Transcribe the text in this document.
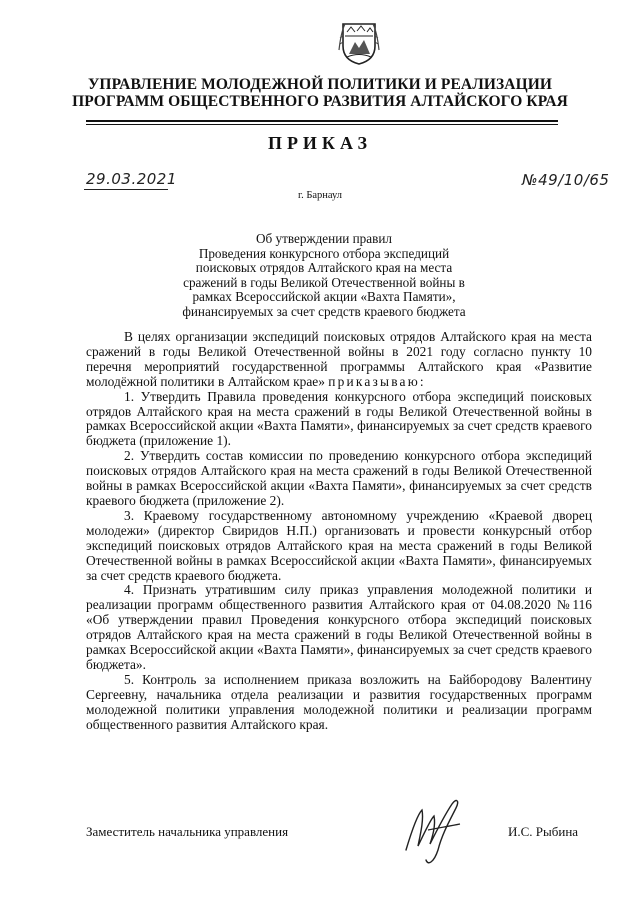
УПРАВЛЕНИЕ МОЛОДЕЖНОЙ ПОЛИТИКИ И РЕАЛИЗАЦИИ
ПРОГРАММ ОБЩЕСТВЕННОГО РАЗВИТИЯ АЛТАЙСКОГО КРАЯ
ПРИКАЗ
29.03.2021	№49/10/65
г. Барнаул
Об утверждении правил
Проведения конкурсного отбора экспедиций
поисковых отрядов Алтайского края на места
сражений в годы Великой Отечественной войны в
рамках Всероссийской акции «Вахта Памяти»,
финансируемых за счет средств краевого бюджета

В целях организации экспедиций поисковых отрядов Алтайского края на места сражений в годы Великой Отечественной войны в 2021 году согласно пункту 10 перечня мероприятий государственной программы Алтайского края «Развитие молодёжной политики в Алтайском крае» приказываю:

1. Утвердить Правила проведения конкурсного отбора экспедиций поисковых отрядов Алтайского края на места сражений в годы Великой Отечественной войны в рамках Всероссийской акции «Вахта Памяти», финансируемых за счет средств краевого бюджета (приложение 1).

2. Утвердить состав комиссии по проведению конкурсного отбора экспедиций поисковых отрядов Алтайского края на места сражений в годы Великой Отечественной войны в рамках Всероссийской акции «Вахта Памяти», финансируемых за счет средств краевого бюджета (приложение 2).

3. Краевому государственному автономному учреждению «Краевой дворец молодежи» (директор Свиридов Н.П.) организовать и провести конкурсный отбор экспедиций поисковых отрядов Алтайского края на места сражений в годы Великой Отечественной войны в рамках Всероссийской акции «Вахта Памяти», финансируемых за счет средств краевого бюджета.

4. Признать утратившим силу приказ управления молодежной политики и реализации программ общественного развития Алтайского края от 04.08.2020 №116 «Об утверждении правил Проведения конкурсного отбора экспедиций поисковых отрядов Алтайского края на места сражений в годы Великой Отечественной войны в рамках Всероссийской акции «Вахта Памяти», финансируемых за счет средств краевого бюджета».

5. Контроль за исполнением приказа возложить на Байбородову Валентину Сергеевну, начальника отдела реализации и развития государственных программ молодежной политики управления молодежной политики и реализации программ общественного развития Алтайского края.

Заместитель начальника управления	И.С. Рыбина
